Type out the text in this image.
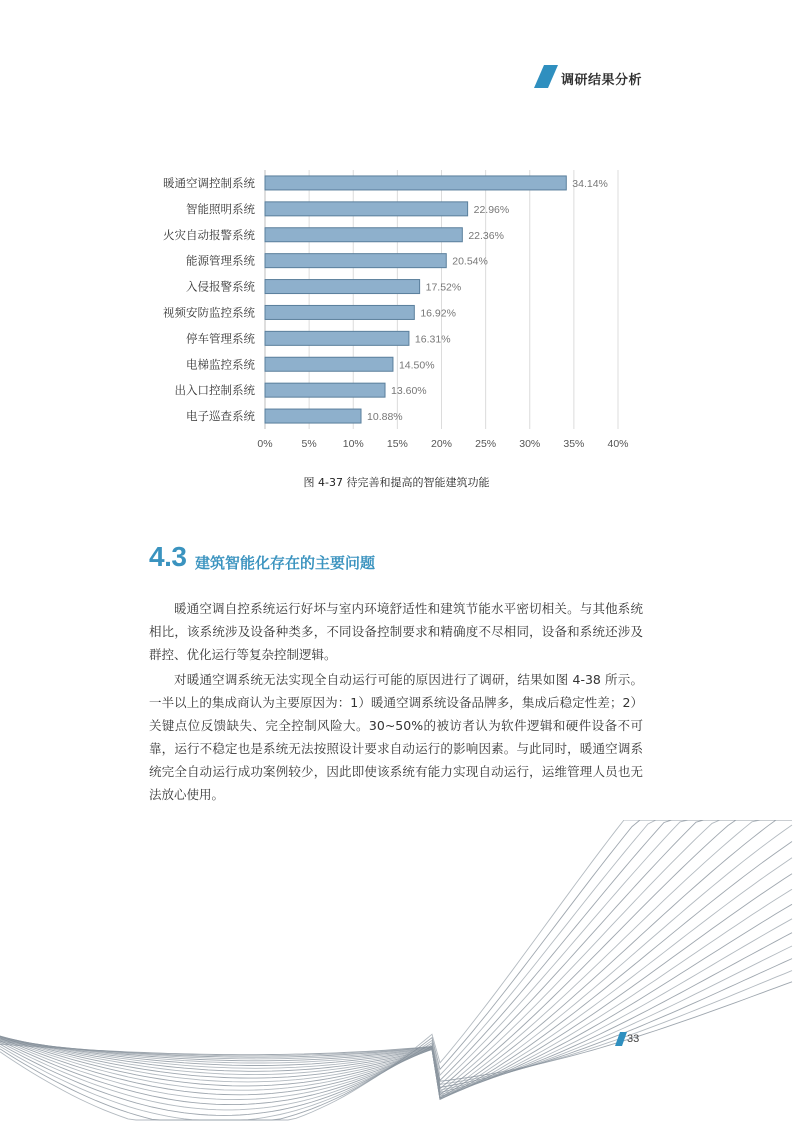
调研结果分析
0%	5% 10% 15% 20% 25% 30% 35% 40%
暖通空调控制系统	34.14%
智能照明系统	22.96%
火灾自动报警系统	22.36%
能源管理系统	20.54%
入侵报警系统	17.52%
视频安防监控系统	16.92%
停车管理系统	16.31%
电梯监控系统	14.50%
出入口控制系统	13.60%
电子巡查系统	10.88%
图 4-37 待完善和提高的智能建筑功能
4.3 建筑智能化存在的主要问题

暖通空调自控系统运行好坏与室内环境舒适性和建筑节能水平密切相关。与其他系统相比，该系统涉及设备种类多，不同设备控制要求和精确度不尽相同，设备和系统还涉及群控、优化运行等复杂控制逻辑。

对暖通空调系统无法实现全自动运行可能的原因进行了调研，结果如图 4-38 所示。一半以上的集成商认为主要原因为：1）暖通空调系统设备品牌多，集成后稳定性差；2）关键点位反馈缺失、完全控制风险大。30~50%的被访者认为软件逻辑和硬件设备不可靠，运行不稳定也是系统无法按照设计要求自动运行的影响因素。与此同时，暖通空调系统完全自动运行成功案例较少，因此即使该系统有能力实现自动运行，运维管理人员也无法放心使用。

33
